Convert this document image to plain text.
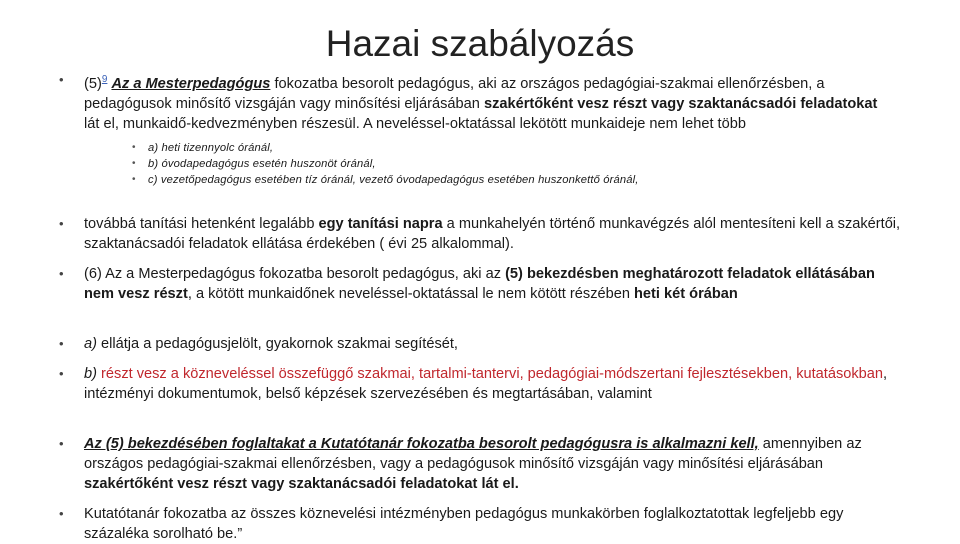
Hazai szabályozás
• $(5)^9$ Az a Mesterpedagógus fokozatba besorolt pedagógus, aki az országos pedagógiai-szakmai ellenőrzésben, a pedagógusok minősítő vizsgáján vagy minősítési eljárásában szakértőként vesz részt vagy szaktanácsadói feladatokat lát el, munkaidő-kedvezményben részesül. A neveléssel-oktatással lekötött munkaideje nem lehet több
• a) heti tizennyolc óránál,
• b) óvodapedagógus esetén huszonöt óránál,
• c) vezetőpedagógus esetében tíz óránál, vezető óvodapedagógus esetében huszonkettő óránál,
• továbbá tanítási hetenként legalább egy tanítási napra a munkahelyén történő munkavégzés alól mentesíteni kell a szakértői, szaktanácsadói feladatok ellátása érdekében ( évi 25 alkalommal).
• (6) Az a Mesterpedagógus fokozatba besorolt pedagógus, aki az (5) bekezdésben meghatározott feladatok ellátásában nem vesz részt, a kötött munkaidőnek neveléssel-oktatással le nem kötött részében heti két órában
• a) ellátja a pedagógusjelölt, gyakornok szakmai segítését,
• b) részt vesz a közneveléssel összefüggő szakmai, tartalmi-tantervi, pedagógiai-módszertani fejlesztésekben, kutatásokban, intézményi dokumentumok, belső képzések szervezésében és megtartásában, valamint
• Az (5) bekezdésében foglaltakat a Kutatótanár fokozatba besorolt pedagógusra is alkalmazni kell, amennyiben az országos pedagógiai-szakmai ellenőrzésben, vagy a pedagógusok minősítő vizsgáján vagy minősítési eljárásában szakértőként vesz részt vagy szaktanácsadói feladatokat lát el.
• Kutatótanár fokozatba az összes köznevelési intézményben pedagógus munkakörben foglalkoztatottak legfeljebb egy százaléka sorolható be.”
